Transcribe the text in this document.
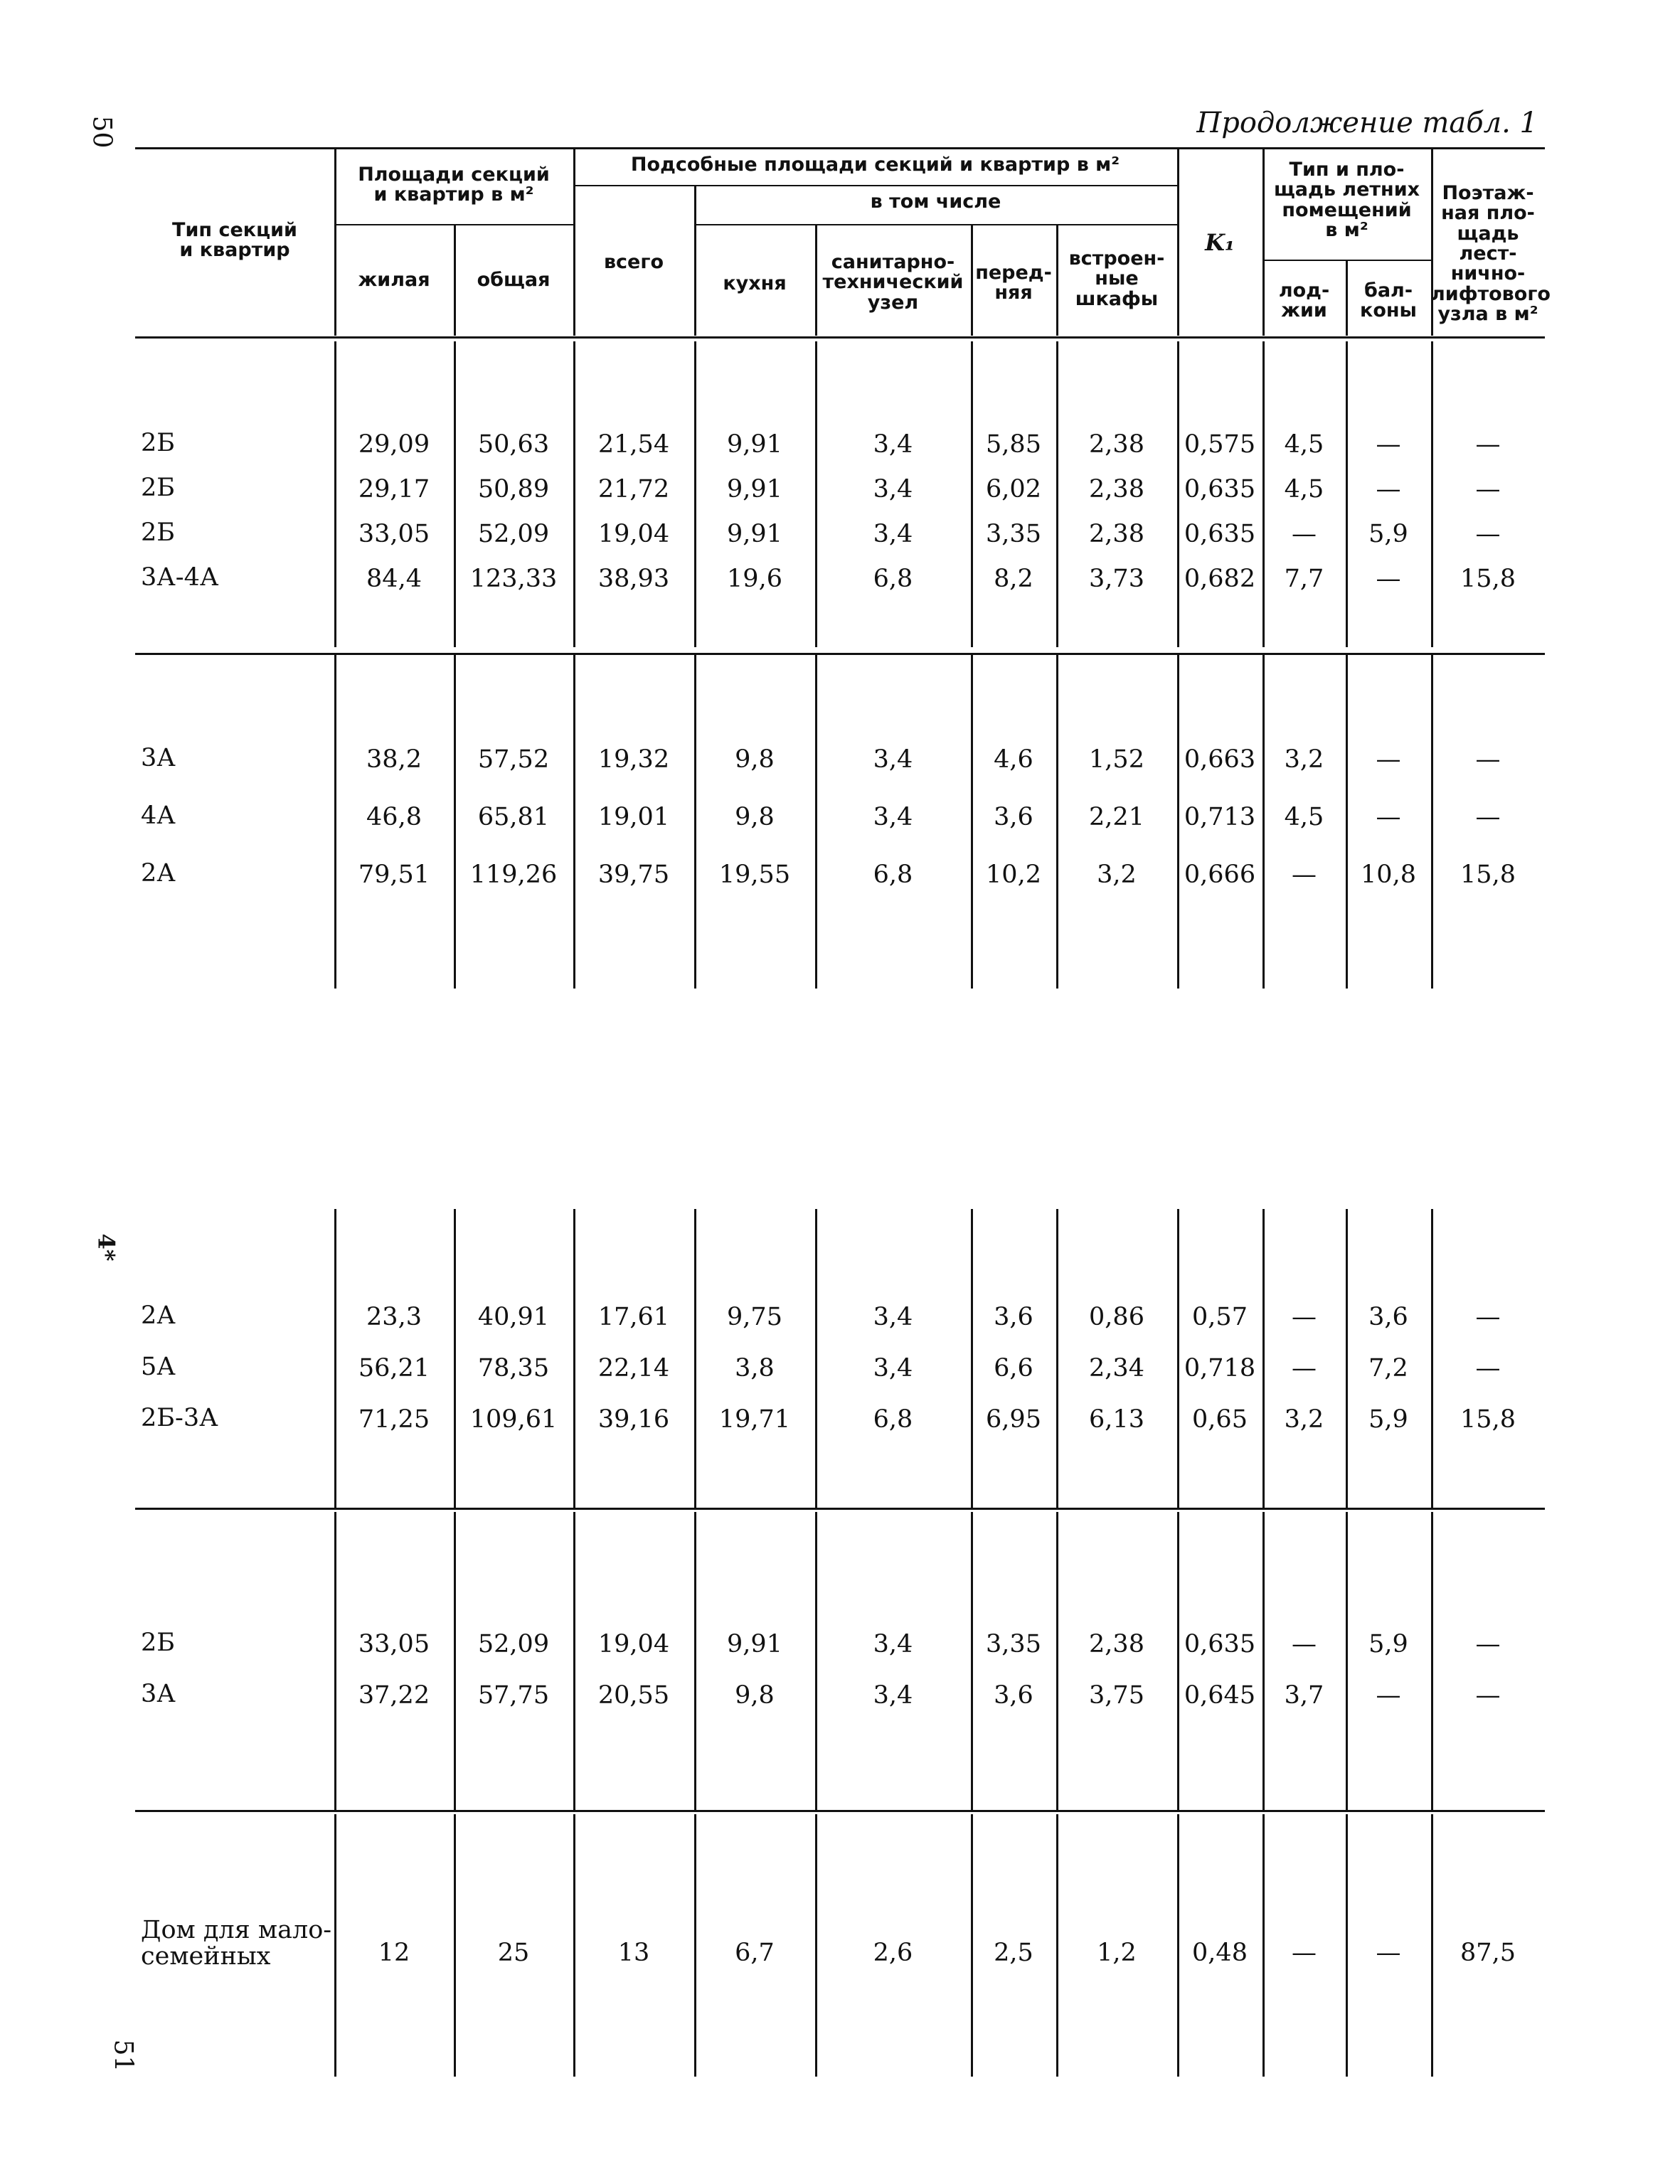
50
51
4*
Продолжение табл. 1
Тип секций
и квартир
Площади секций
и квартир в м²
жилая	общая
Подсобные площади секций и квартир в м²
всего
в том числе
кухня
санитарно-
технический
узел
перед-
няя
встроен-
ные
шкафы
K₁
Тип и пло-
щадь летних
помещений
в м²
лод-
жии
бал-
коны
Поэтаж-
ная пло-
щадь лест-
нично-
лифтового
узла в м²
2Б	29,09	50,63	21,54	9,91	3,4	5,85	2,38	0,575	4,5	—	—
2Б	29,17	50,89	21,72	9,91	3,4	6,02	2,38	0,635	4,5	—	—
2Б	33,05	52,09	19,04	9,91	3,4	3,35	2,38	0,635	—	5,9	—
3А-4А	84,4	123,33	38,93	19,6	6,8	8,2	3,73	0,682	7,7	—	15,8
3А	38,2	57,52	19,32	9,8	3,4	4,6	1,52	0,663	3,2	—	—
4А	46,8	65,81	19,01	9,8	3,4	3,6	2,21	0,713	4,5	—	—
2А	79,51	119,26	39,75	19,55	6,8	10,2	3,2	0,666	—	10,8	15,8
2А	23,3	40,91	17,61	9,75	3,4	3,6	0,86	0,57	—	3,6	—
5А	56,21	78,35	22,14	3,8	3,4	6,6	2,34	0,718	—	7,2	—
2Б-3А	71,25	109,61	39,16	19,71	6,8	6,95	6,13	0,65	3,2	5,9	15,8
2Б	33,05	52,09	19,04	9,91	3,4	3,35	2,38	0,635	—	5,9	—
3А	37,22	57,75	20,55	9,8	3,4	3,6	3,75	0,645	3,7	—	—
Дом для мало-
семейных	12	25	13	6,7	2,6	2,5	1,2	0,48	—	—	87,5
